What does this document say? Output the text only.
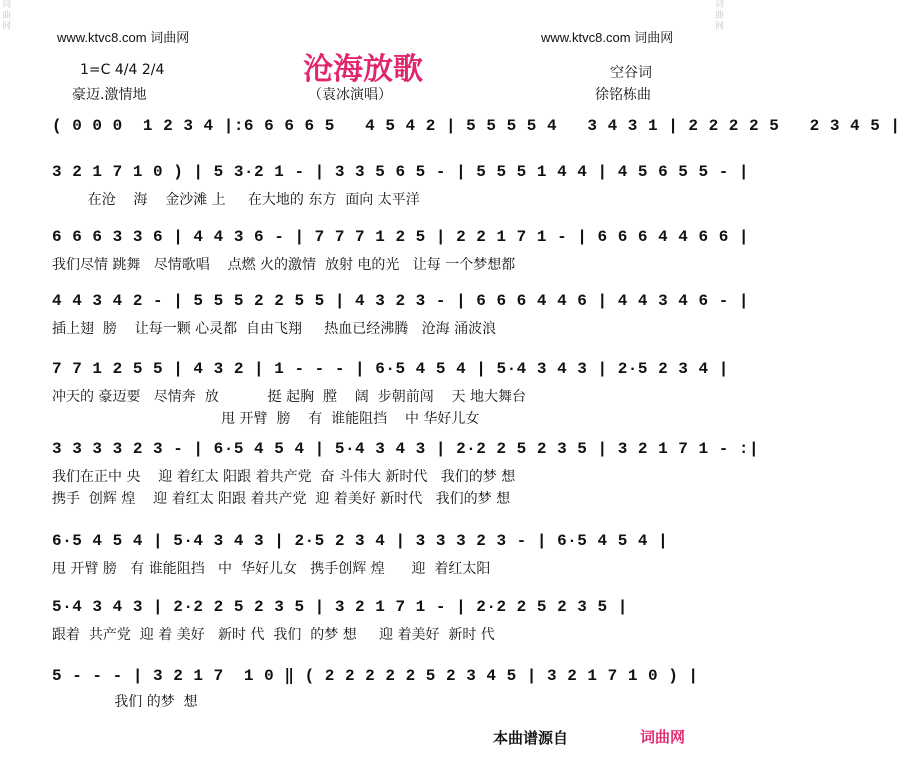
词曲网
词曲网
www.ktvc8.com 词曲网	www.ktvc8.com 词曲网
沧海放歌
1=C 4/4 2/4
豪迈.激情地	（袁冰演唱）
空谷词
徐铭栋曲
( 0 0 0  1 2 3 4 |:6 6 6 6 5   4 5 4 2 | 5 5 5 5 4   3 4 3 1 | 2 2 2 2 5   2 3 4 5 |
3 2 1 7 1 0 ) | 5 3·2 1 - | 3 3 5 6 5 - | 5 5 5 1 4 4 | 4 5 6 5 5 - |
在沧    海    金沙滩 上     在大地的 东方  面向 太平洋
6 6 6 3 3 6 | 4 4 3 6 - | 7 7 7 1 2 5 | 2 2 1 7 1 - | 6 6 6 4 4 6 6 |
我们尽情 跳舞   尽情歌唱    点燃 火的激情  放射 电的光   让每 一个梦想都
4 4 3 4 2 - | 5 5 5 2 2 5 5 | 4 3 2 3 - | 6 6 6 4 4 6 | 4 4 3 4 6 - |
插上翅  膀    让每一颗 心灵都  自由飞翔     热血已经沸腾   沧海 涌波浪
7 7 1 2 5 5 | 4 3 2 | 1 - - - | 6·5 4 5 4 | 5·4 3 4 3 | 2·5 2 3 4 |
冲天的 豪迈要   尽情奔  放           挺 起胸  膛    阔  步朝前闯    天 地大舞台
甩 开臂  膀    有  谁能阻挡    中 华好儿女
3 3 3 3 2 3 - | 6·5 4 5 4 | 5·4 3 4 3 | 2·2 2 5 2 3 5 | 3 2 1 7 1 - :|
我们在正中 央    迎 着红太 阳跟 着共产党  奋 斗伟大 新时代   我们的梦 想
携手  创辉 煌    迎 着红太 阳跟 着共产党  迎 着美好 新时代   我们的梦 想
6·5 4 5 4 | 5·4 3 4 3 | 2·5 2 3 4 | 3 3 3 2 3 - | 6·5 4 5 4 |
甩 开臂 膀   有 谁能阻挡   中  华好儿女   携手创辉 煌      迎  着红太阳
5·4 3 4 3 | 2·2 2 5 2 3 5 | 3 2 1 7 1 - | 2·2 2 5 2 3 5 |
跟着  共产党  迎 着 美好   新时 代  我们  的梦 想     迎 着美好  新时 代
5 - - - | 3 2 1 7  1 0 ‖ ( 2 2 2 2 2 5 2 3 4 5 | 3 2 1 7 1 0 ) |
我们 的梦  想
本曲谱源自	词曲网
